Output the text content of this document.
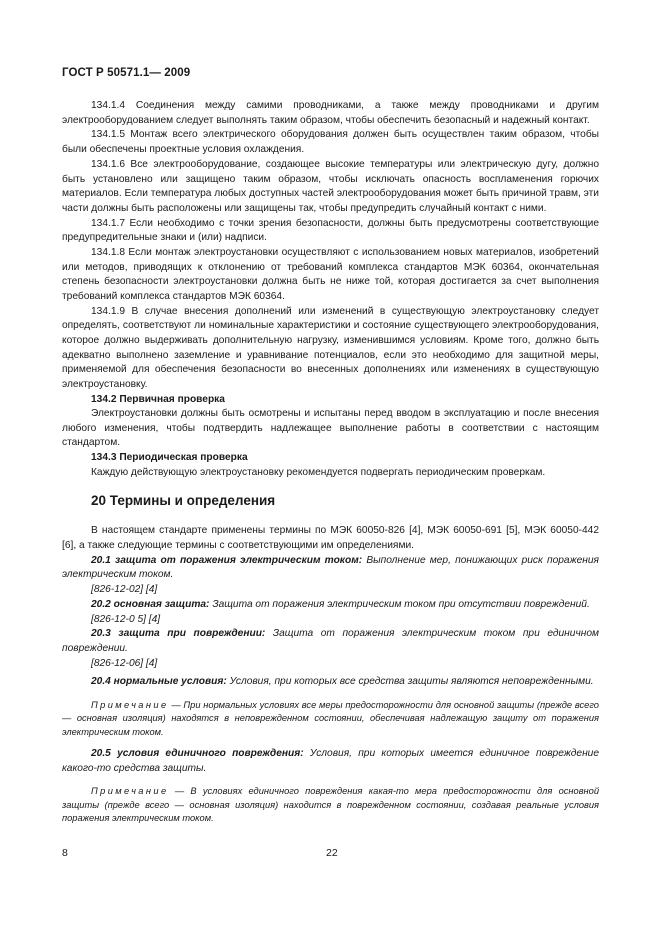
ГОСТ Р 50571.1— 2009

134.1.4 Соединения между самими проводниками, а также между проводниками и другим электрооборудованием следует выполнять таким образом, чтобы обеспечить безопасный и надежный контакт.

134.1.5 Монтаж всего электрического оборудования должен быть осуществлен таким образом, чтобы были обеспечены проектные условия охлаждения.

134.1.6 Все электрооборудование, создающее высокие температуры или электрическую дугу, должно быть установлено или защищено таким образом, чтобы исключать опасность воспламенения горючих материалов. Если температура любых доступных частей электрооборудования может быть причиной травм, эти части должны быть расположены или защищены так, чтобы предупредить случайный контакт с ними.

134.1.7 Если необходимо с точки зрения безопасности, должны быть предусмотрены соответствующие предупредительные знаки и (или) надписи.

134.1.8 Если монтаж электроустановки осуществляют с использованием новых материалов, изобретений или методов, приводящих к отклонению от требований комплекса стандартов МЭК 60364, окончательная степень безопасности электроустановки должна быть не ниже той, которая достигается за счет выполнения требований комплекса стандартов МЭК 60364.

134.1.9 В случае внесения дополнений или изменений в существующую электроустановку следует определять, соответствуют ли номинальные характеристики и состояние существующего электрооборудования, которое должно выдерживать дополнительную нагрузку, изменившимся условиям. Кроме того, должно быть адекватно выполнено заземление и уравнивание потенциалов, если это необходимо для защитной меры, применяемой для обеспечения безопасности во внесенных дополнениях или изменениях в существующую электроустановку.

134.2 Первичная проверка

Электроустановки должны быть осмотрены и испытаны перед вводом в эксплуатацию и после внесения любого изменения, чтобы подтвердить надлежащее выполнение работы в соответствии с настоящим стандартом.

134.3 Периодическая проверка

Каждую действующую электроустановку рекомендуется подвергать периодическим проверкам.

20 Термины и определения

В настоящем стандарте применены термины по МЭК 60050-826 [4], МЭК 60050-691 [5], МЭК 60050-442 [6], а также следующие термины с соответствующими им определениями.

20.1 защита от поражения электрическим током: Выполнение мер, понижающих риск поражения электрическим током.

[826-12-02] [4]

20.2 основная защита: Защита от поражения электрическим током при отсутствии повреждений.

[826-12-0 5] [4]

20.3 защита при повреждении: Защита от поражения электрическим током при единичном повреждении.

[826-12-06] [4]

20.4 нормальные условия: Условия, при которых все средства защиты являются неповрежденными.

Примечание — При нормальных условиях все меры предосторожности для основной защиты (прежде всего — основная изоляция) находятся в неповрежденном состоянии, обеспечивая надлежащую защиту от поражения электрическим током.

20.5 условия единичного повреждения: Условия, при которых имеется единичное повреждение какого-то средства защиты.

Примечание — В условиях единичного повреждения какая-то мера предосторожности для основной защиты (прежде всего — основная изоляция) находится в поврежденном состоянии, создавая реальные условия поражения электрическим током.

8	22
